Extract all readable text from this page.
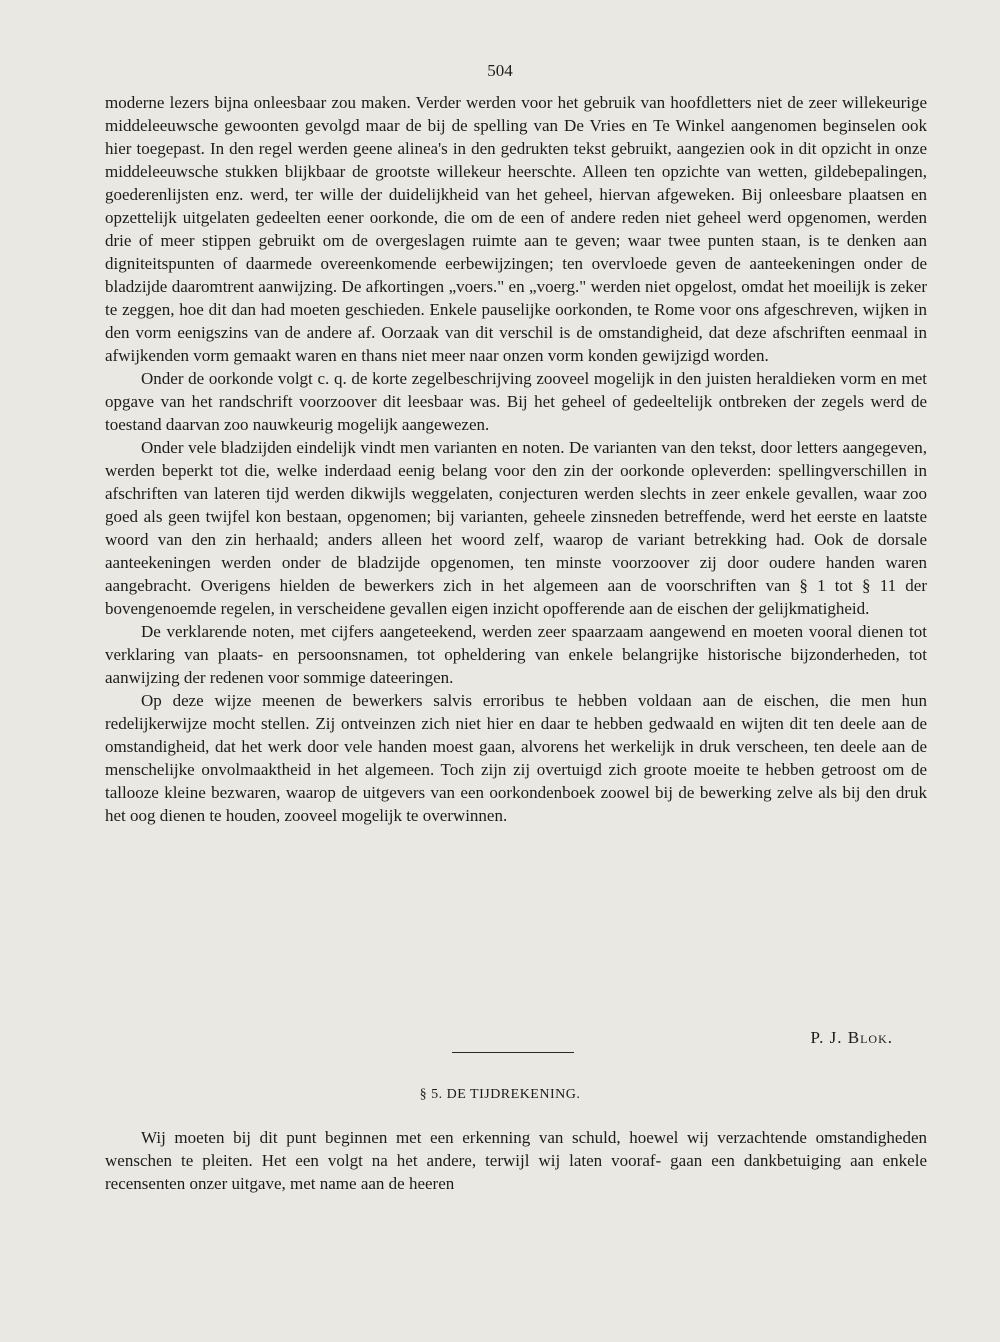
504

moderne lezers bijna onleesbaar zou maken. Verder werden voor het gebruik van hoofdletters niet de zeer willekeurige middeleeuwsche gewoonten gevolgd maar de bij de spelling van De Vries en Te Winkel aangenomen beginselen ook hier toegepast. In den regel werden geene alinea's in den gedrukten tekst gebruikt, aangezien ook in dit opzicht in onze middeleeuwsche stukken blijkbaar de grootste willekeur heerschte. Alleen ten opzichte van wetten, gildebepalingen, goederenlijsten enz. werd, ter wille der duidelijkheid van het geheel, hiervan afgeweken. Bij onleesbare plaatsen en opzettelijk uitgelaten gedeelten eener oorkonde, die om de een of andere reden niet geheel werd opgenomen, werden drie of meer stippen gebruikt om de overgeslagen ruimte aan te geven; waar twee punten staan, is te denken aan digniteitspunten of daarmede overeenkomende eerbewijzingen; ten overvloede geven de aanteekeningen onder de bladzijde daaromtrent aanwijzing. De afkortingen „voers." en „voerg." werden niet opgelost, omdat het moeilijk is zeker te zeggen, hoe dit dan had moeten geschieden. Enkele pauselijke oorkonden, te Rome voor ons afgeschreven, wijken in den vorm eenigszins van de andere af. Oorzaak van dit verschil is de omstandigheid, dat deze afschriften eenmaal in afwijkenden vorm gemaakt waren en thans niet meer naar onzen vorm konden gewijzigd worden.

Onder de oorkonde volgt c. q. de korte zegelbeschrijving zooveel mogelijk in den juisten heraldieken vorm en met opgave van het randschrift voorzoover dit leesbaar was. Bij het geheel of gedeeltelijk ontbreken der zegels werd de toestand daarvan zoo nauwkeurig mogelijk aangewezen.

Onder vele bladzijden eindelijk vindt men varianten en noten. De varianten van den tekst, door letters aangegeven, werden beperkt tot die, welke inderdaad eenig belang voor den zin der oorkonde opleverden: spellingverschillen in afschriften van lateren tijd werden dikwijls weggelaten, conjecturen werden slechts in zeer enkele gevallen, waar zoo goed als geen twijfel kon bestaan, opgenomen; bij varianten, geheele zinsneden betreffende, werd het eerste en laatste woord van den zin herhaald; anders alleen het woord zelf, waarop de variant betrekking had. Ook de dorsale aanteekeningen werden onder de bladzijde opgenomen, ten minste voorzoover zij door oudere handen waren aangebracht. Overigens hielden de bewerkers zich in het algemeen aan de voorschriften van § 1 tot § 11 der bovengenoemde regelen, in verscheidene gevallen eigen inzicht opofferende aan de eischen der gelijkmatigheid.

De verklarende noten, met cijfers aangeteekend, werden zeer spaarzaam aangewend en moeten vooral dienen tot verklaring van plaats- en persoonsnamen, tot opheldering van enkele belangrijke historische bijzonderheden, tot aanwijzing der redenen voor sommige dateeringen.

Op deze wijze meenen de bewerkers salvis erroribus te hebben voldaan aan de eischen, die men hun redelijkerwijze mocht stellen. Zij ontveinzen zich niet hier en daar te hebben gedwaald en wijten dit ten deele aan de omstandigheid, dat het werk door vele handen moest gaan, alvorens het werkelijk in druk verscheen, ten deele aan de menschelijke onvolmaaktheid in het algemeen. Toch zijn zij overtuigd zich groote moeite te hebben getroost om de tallooze kleine bezwaren, waarop de uitgevers van een oorkondenboek zoowel bij de bewerking zelve als bij den druk het oog dienen te houden, zooveel mogelijk te overwinnen.

P. J. Blok.
§ 5. DE TIJDREKENING.

Wij moeten bij dit punt beginnen met een erkenning van schuld, hoewel wij verzachtende omstandigheden wenschen te pleiten. Het een volgt na het andere, terwijl wij laten vooraf- gaan een dankbetuiging aan enkele recensenten onzer uitgave, met name aan de heeren
